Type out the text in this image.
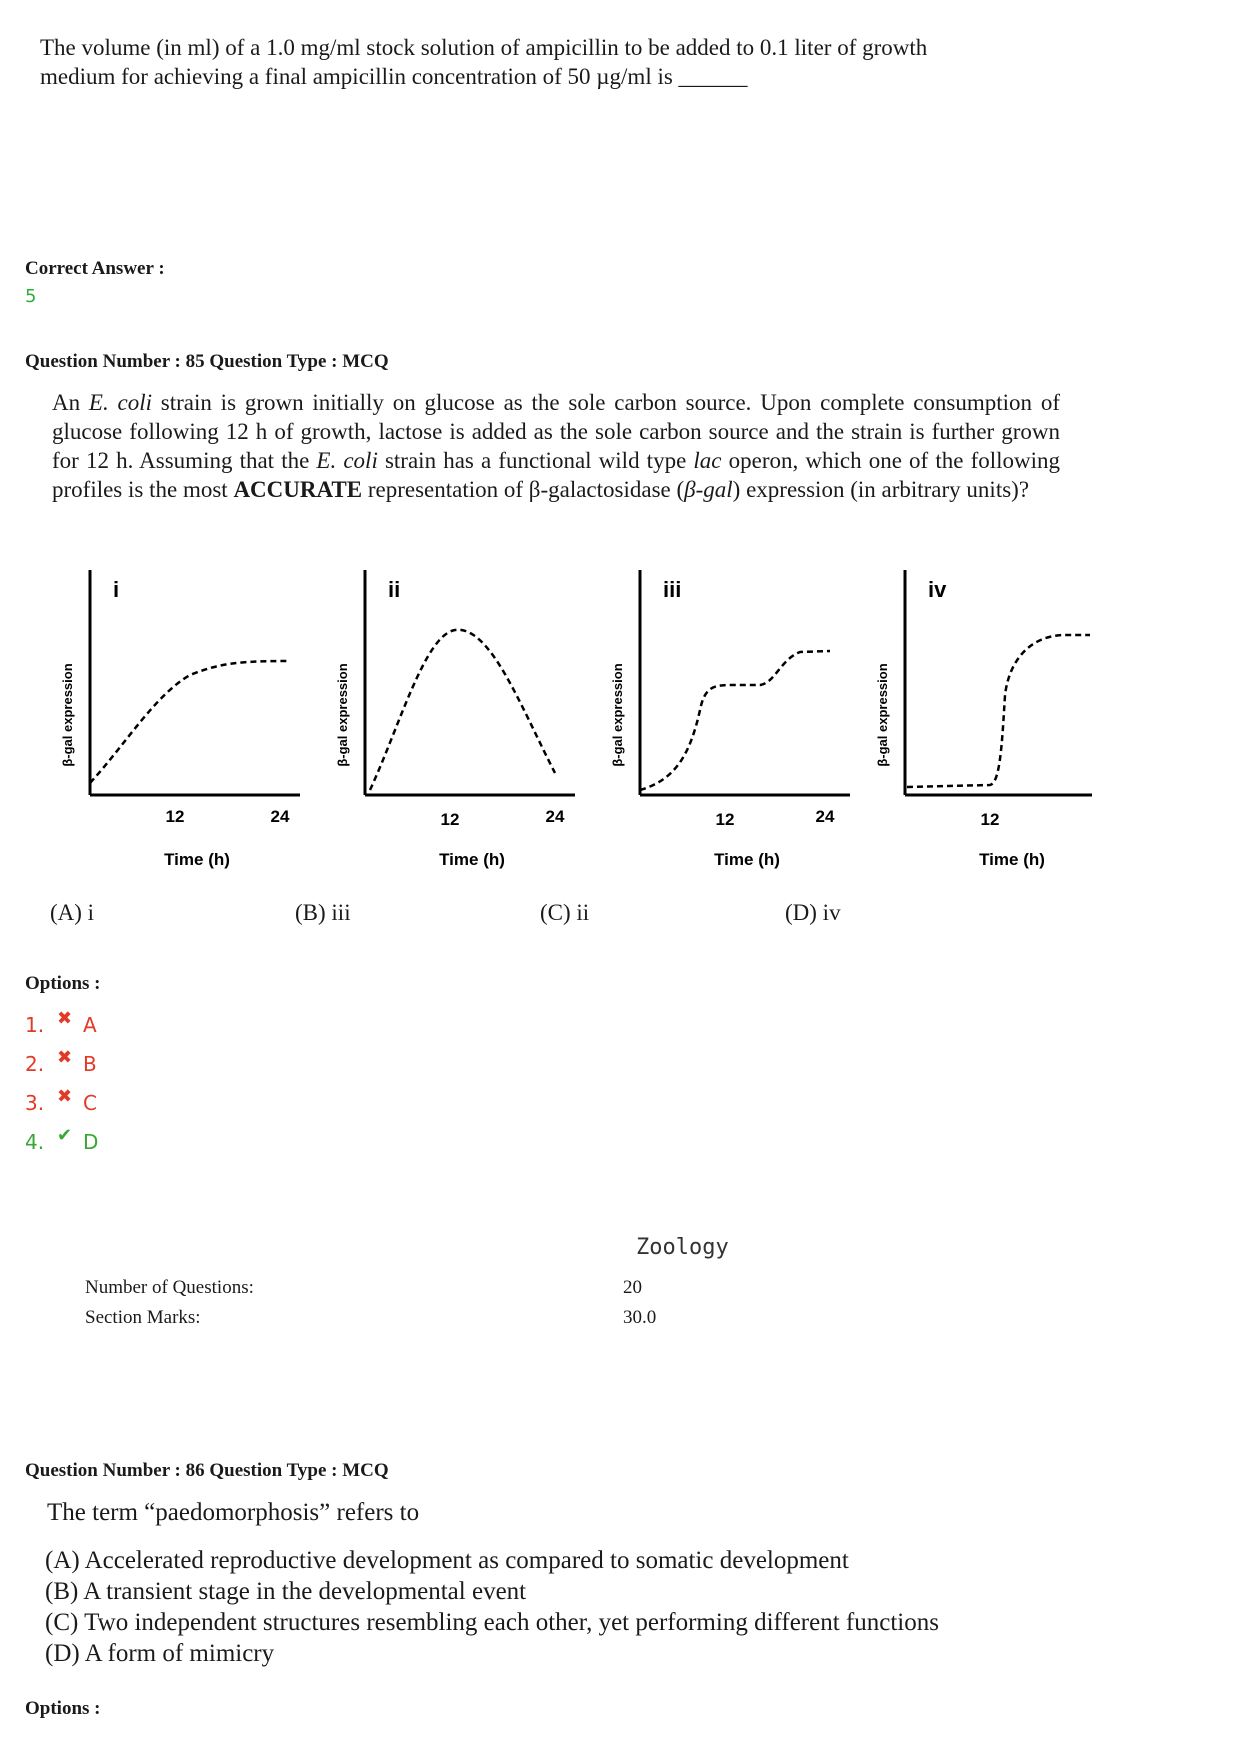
The volume (in ml) of a 1.0 mg/ml stock solution of ampicillin to be added to 0.1 liter of growth
medium for achieving a final ampicillin concentration of 50 µg/ml is ______
Correct Answer :
5
Question Number : 85 Question Type : MCQ
An E. coli strain is grown initially on glucose as the sole carbon source. Upon complete consumption of glucose following 12 h of growth, lactose is added as the sole carbon source and the strain is further grown for 12 h. Assuming that the E. coli strain has a functional wild type lac operon, which one of the following profiles is the most ACCURATE representation of β-galactosidase (β-gal) expression (in arbitrary units)?
i
β-gal expression
12	24
Time (h)
ii
β-gal expression
12	24
Time (h)
iii
β-gal expression
12	24
Time (h)
iv
β-gal expression
12
Time (h)
(A) i	(B) iii	(C) ii	(D) iv
Options :
1. ✖ A
2. ✖ B
3. ✖ C
4. ✔ D
Zoology
Number of Questions:	20
Section Marks:	30.0
Question Number : 86 Question Type : MCQ
The term “paedomorphosis” refers to
(A) Accelerated reproductive development as compared to somatic development
(B) A transient stage in the developmental event
(C) Two independent structures resembling each other, yet performing different functions
(D) A form of mimicry
Options :
